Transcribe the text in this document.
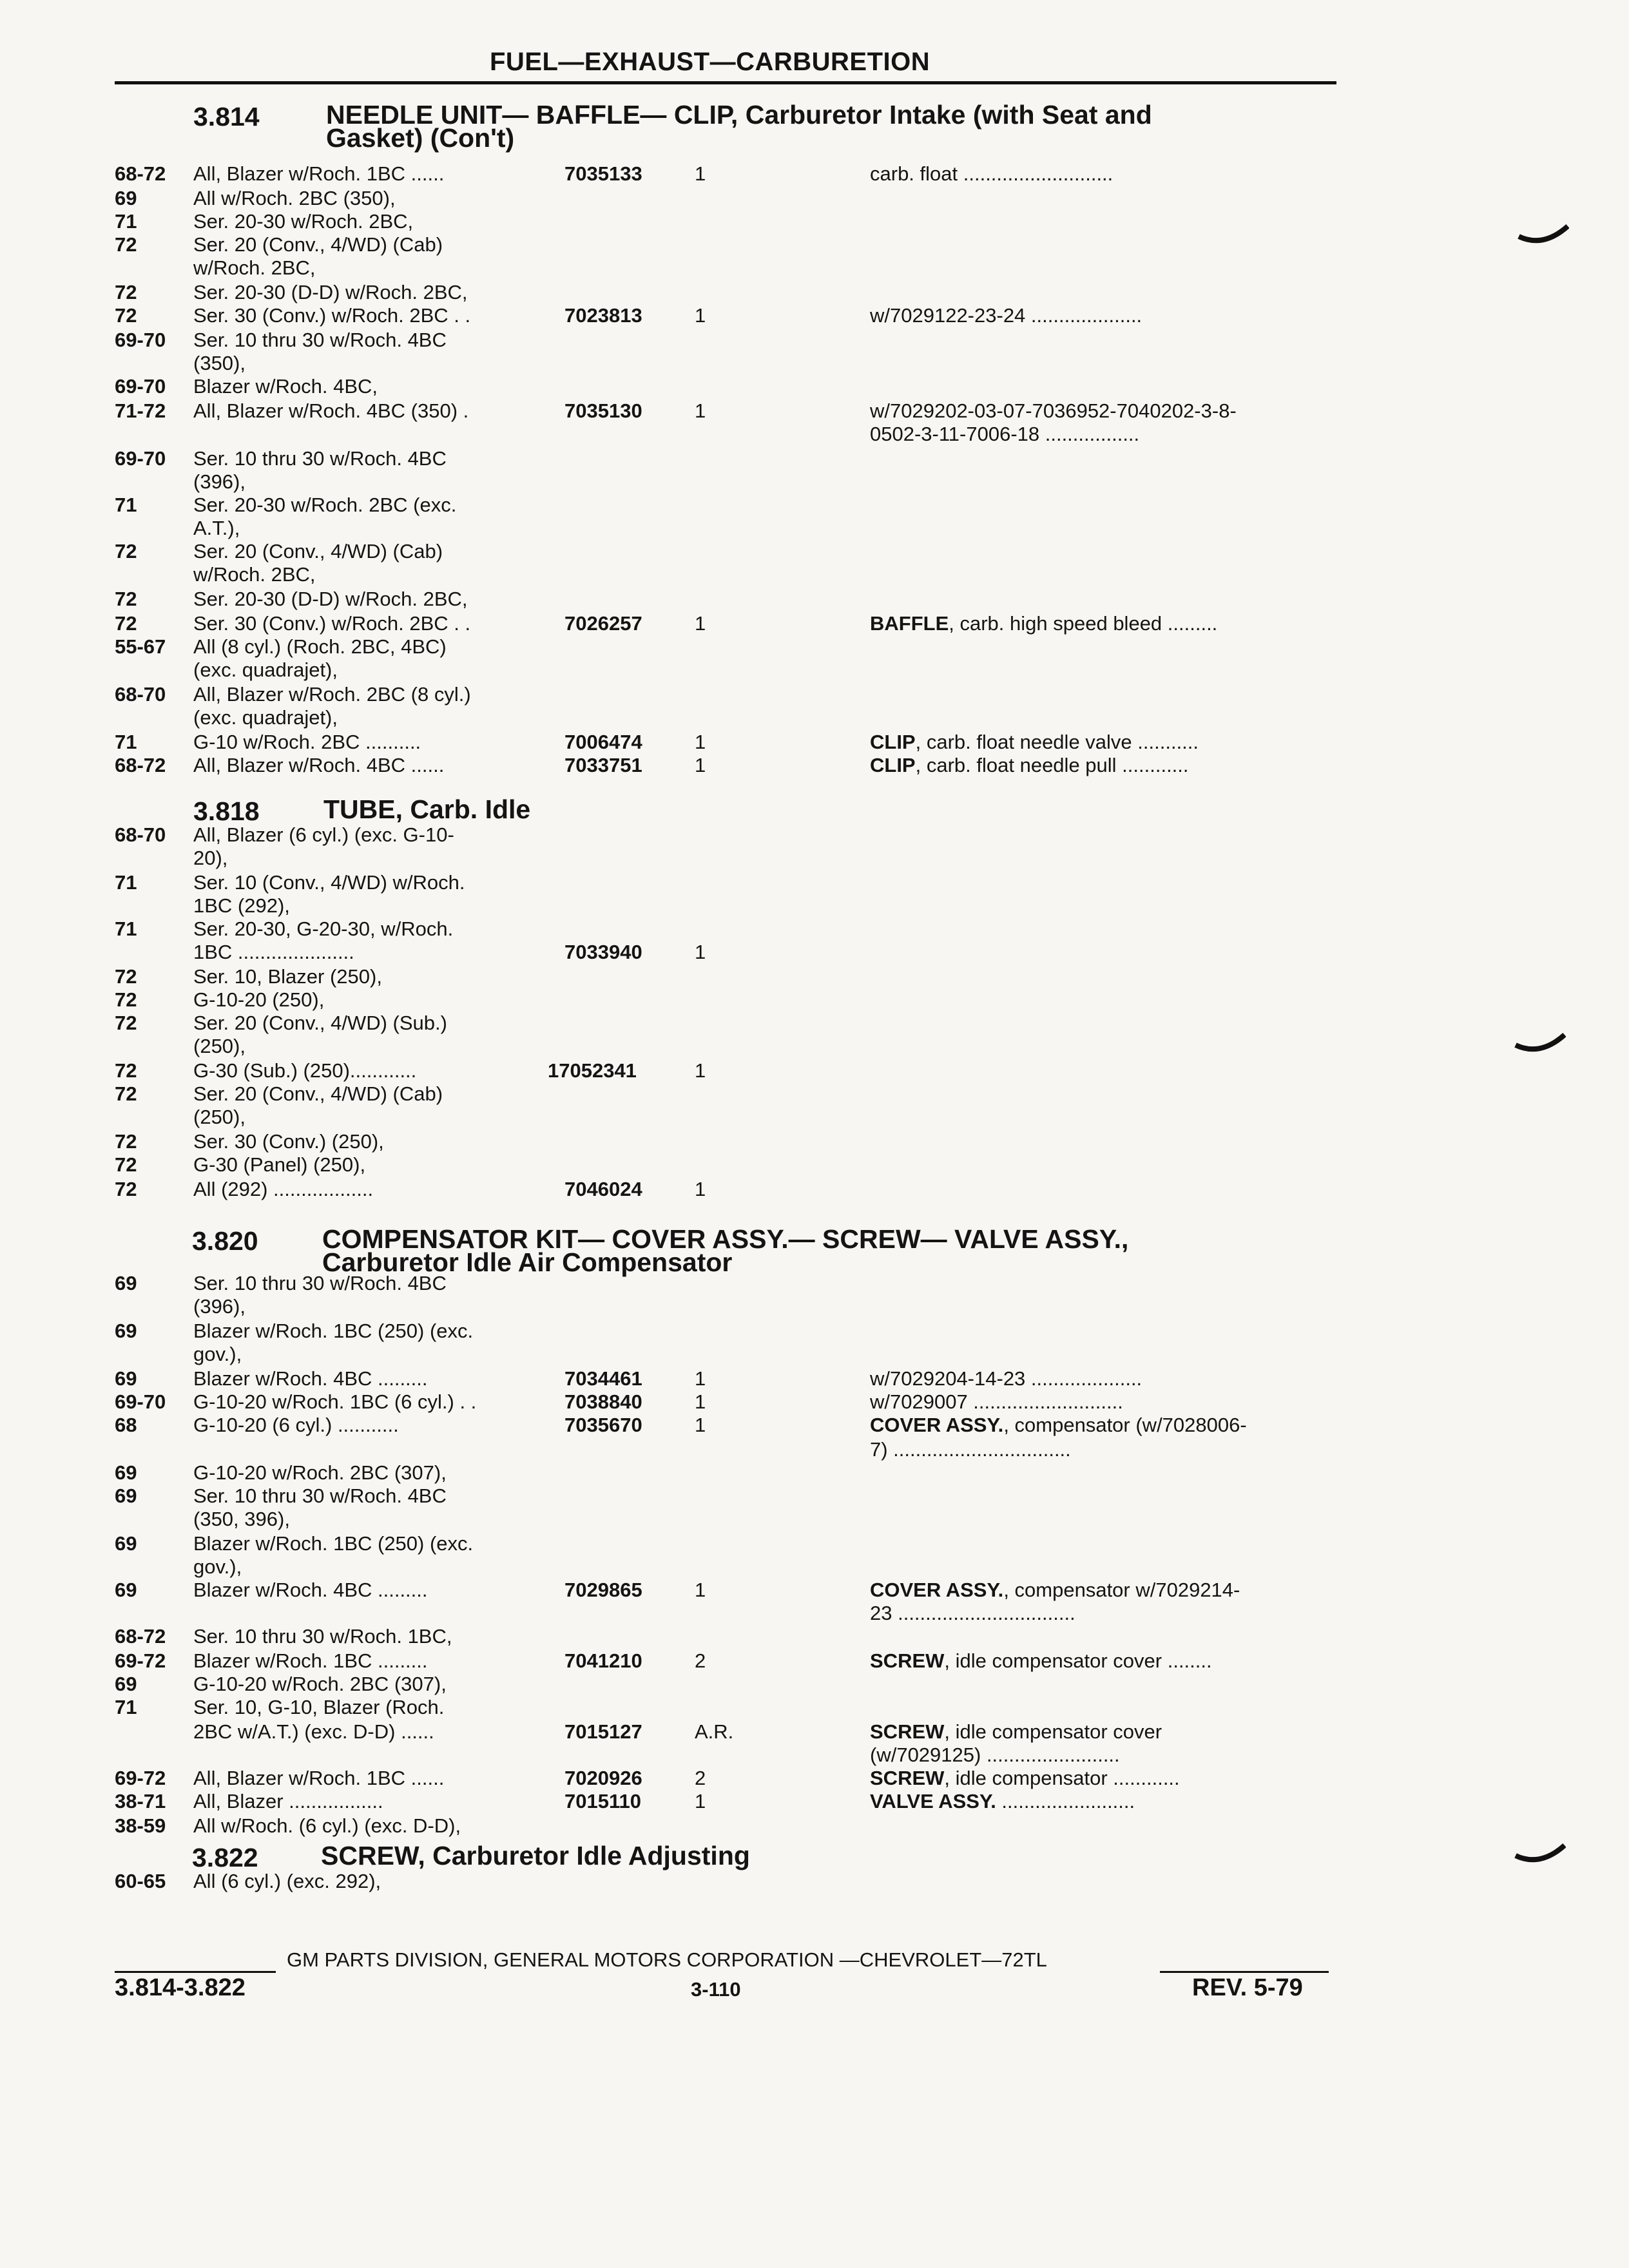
FUEL—EXHAUST—CARBURETION
3.814	NEEDLE UNIT— BAFFLE— CLIP, Carburetor Intake (with Seat and
Gasket) (Con't)
3.818 TUBE, Carb. Idle
3.820 COMPENSATOR KIT— COVER ASSY.— SCREW— VALVE ASSY.,
Carburetor Idle Air Compensator
3.822 SCREW, Carburetor Idle Adjusting
68-72 All, Blazer w/Roch. 1BC ......	7035133	1	carb. float ...........................
69	All w/Roch. 2BC (350),
71	Ser. 20-30 w/Roch. 2BC,
72	Ser. 20 (Conv., 4/WD) (Cab)
w/Roch. 2BC,
72	Ser. 20-30 (D-D) w/Roch. 2BC,
72	Ser. 30 (Conv.) w/Roch. 2BC . .	7023813	1	w/7029122-23-24 ....................
69-70 Ser. 10 thru 30 w/Roch. 4BC
(350),
69-70 Blazer w/Roch. 4BC,
71-72 All, Blazer w/Roch. 4BC (350) .	7035130	1	w/7029202-03-07-7036952-7040202-3-8-
0502-3-11-7006-18 .................
69-70 Ser. 10 thru 30 w/Roch. 4BC
(396),
71	Ser. 20-30 w/Roch. 2BC (exc.
A.T.),
72	Ser. 20 (Conv., 4/WD) (Cab)
w/Roch. 2BC,
72	Ser. 20-30 (D-D) w/Roch. 2BC,
72	Ser. 30 (Conv.) w/Roch. 2BC . .	7026257	1	BAFFLE, carb. high speed bleed .........
55-67 All (8 cyl.) (Roch. 2BC, 4BC)
(exc. quadrajet),
68-70 All, Blazer w/Roch. 2BC (8 cyl.)
(exc. quadrajet),
71	G-10 w/Roch. 2BC ..........	7006474	1	CLIP, carb. float needle valve ...........
68-72 All, Blazer w/Roch. 4BC ......	7033751	1	CLIP, carb. float needle pull ............
68-70 All, Blazer (6 cyl.) (exc. G-10-
20),
71	Ser. 10 (Conv., 4/WD) w/Roch.
1BC (292),
71	Ser. 20-30, G-20-30, w/Roch.
1BC .....................	7033940	1
72	Ser. 10, Blazer (250),
72	G-10-20 (250),
72	Ser. 20 (Conv., 4/WD) (Sub.)
(250),
72	G-30 (Sub.) (250)............	17052341	1
72	Ser. 20 (Conv., 4/WD) (Cab)
(250),
72	Ser. 30 (Conv.) (250),
72	G-30 (Panel) (250),
72	All (292) ..................	7046024	1
69	Ser. 10 thru 30 w/Roch. 4BC
(396),
69	Blazer w/Roch. 1BC (250) (exc.
gov.),
69	Blazer w/Roch. 4BC .........	7034461	1	w/7029204-14-23 ....................
69-70 G-10-20 w/Roch. 1BC (6 cyl.) . .	7038840	1	w/7029007 ...........................
68	G-10-20 (6 cyl.) ...........	7035670	1	COVER ASSY., compensator (w/7028006-
7) ................................
69	G-10-20 w/Roch. 2BC (307),
69	Ser. 10 thru 30 w/Roch. 4BC
(350, 396),
69	Blazer w/Roch. 1BC (250) (exc.
gov.),
69	Blazer w/Roch. 4BC .........	7029865	1	COVER ASSY., compensator w/7029214-
23 ................................
68-72 Ser. 10 thru 30 w/Roch. 1BC,
69-72 Blazer w/Roch. 1BC .........	7041210	2	SCREW, idle compensator cover ........
69	G-10-20 w/Roch. 2BC (307),
71	Ser. 10, G-10, Blazer (Roch.
2BC w/A.T.) (exc. D-D) ......	7015127	A.R.	SCREW, idle compensator cover
(w/7029125) ........................
69-72 All, Blazer w/Roch. 1BC ......	7020926	2	SCREW, idle compensator ............
38-71 All, Blazer .................	7015110	1	VALVE ASSY. ........................
38-59 All w/Roch. (6 cyl.) (exc. D-D),
60-65 All (6 cyl.) (exc. 292),
GM PARTS DIVISION, GENERAL MOTORS CORPORATION —CHEVROLET—72TL
3.814-3.822	3-110	REV. 5-79
